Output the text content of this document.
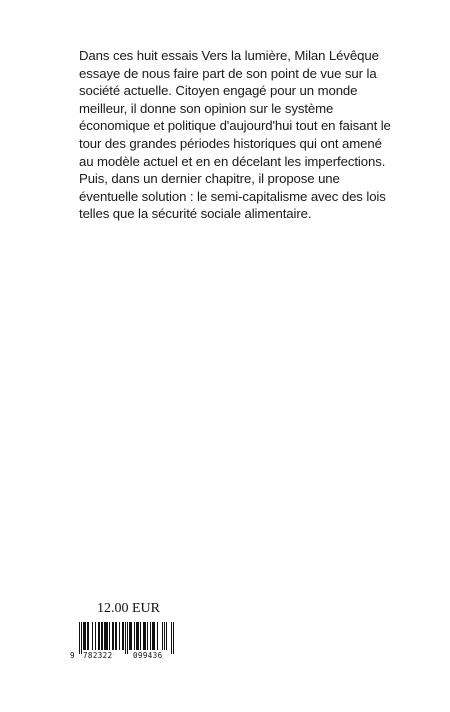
Dans ces huit essais Vers la lumière, Milan Lévêque essaye de nous faire part de son point de vue sur la société actuelle. Citoyen engagé pour un monde meilleur, il donne son opinion sur le système économique et politique d'aujourd'hui tout en faisant le tour des grandes périodes historiques qui ont amené au modèle actuel et en en décelant les imperfections. Puis, dans un dernier chapitre, il propose une éventuelle solution : le semi-capitalisme avec des lois telles que la sécurité sociale alimentaire.

12.00 EUR
9 782322	099436
